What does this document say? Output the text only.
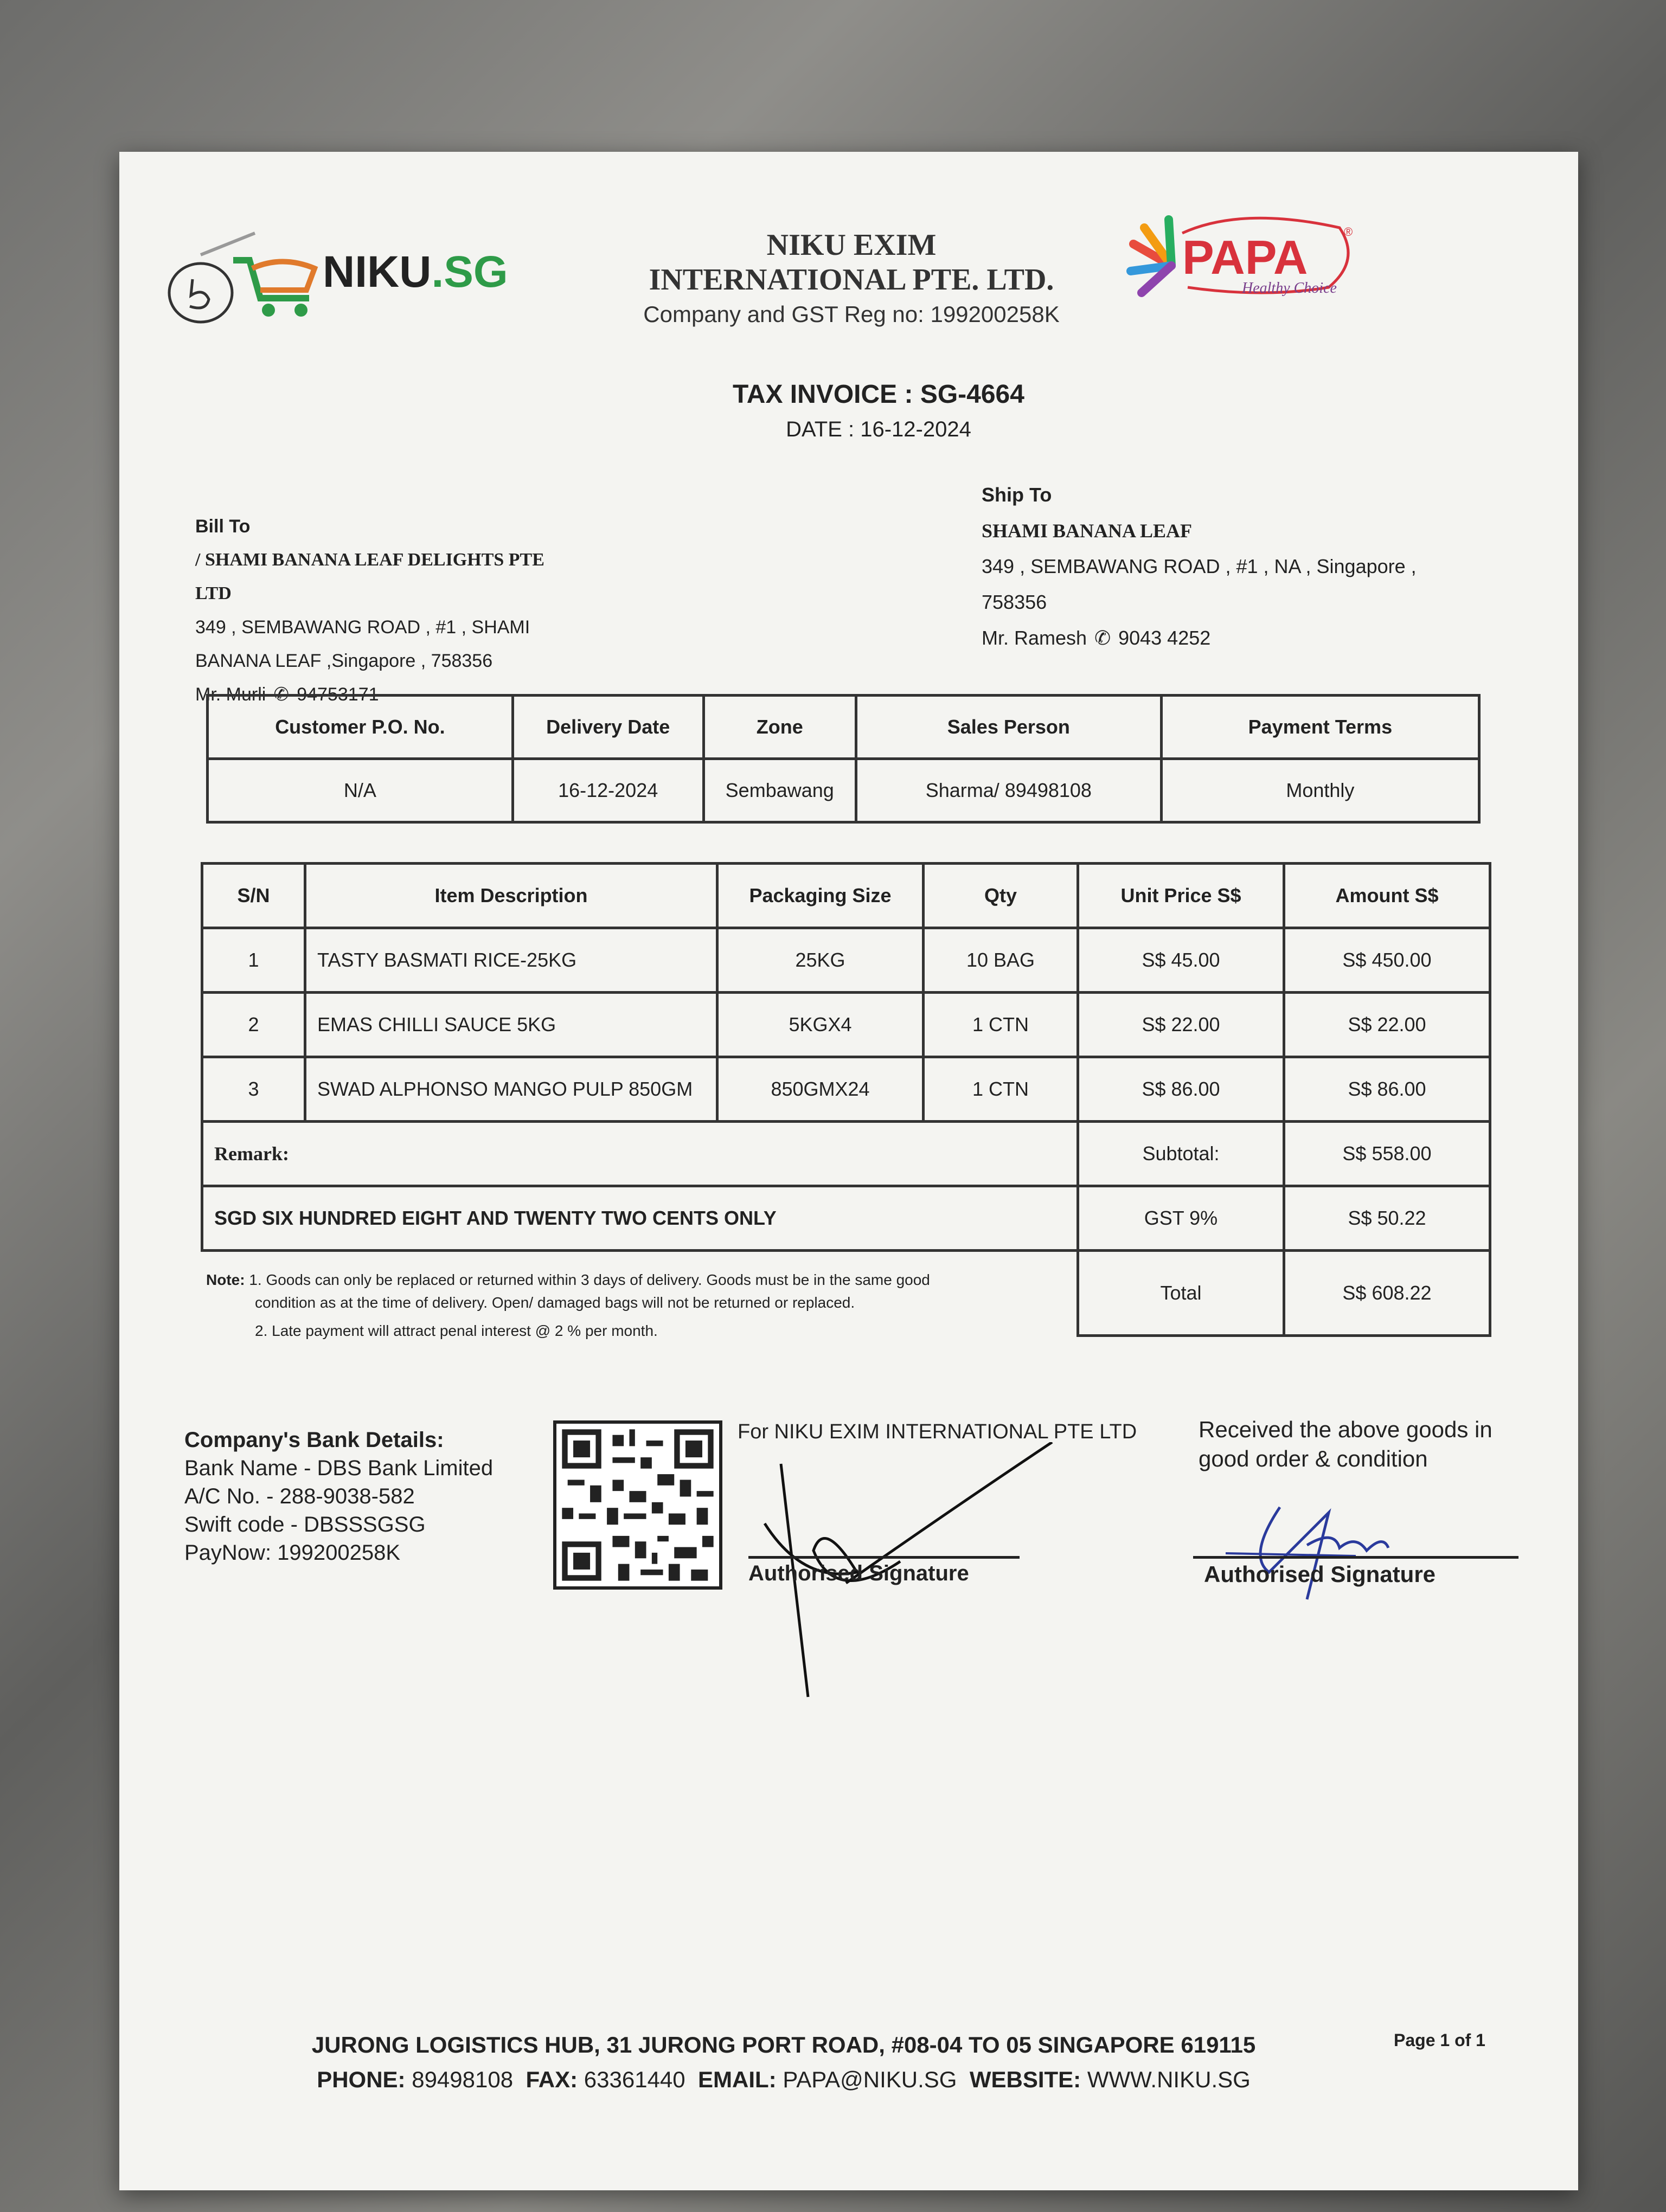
NIKU.SG
NIKU EXIM
INTERNATIONAL PTE. LTD.
Company and GST Reg no: 199200258K
PAPA	®
Healthy Choice
TAX INVOICE : SG-4664
DATE : 16-12-2024
Bill To
/ SHAMI BANANA LEAF DELIGHTS PTE
LTD
349 , SEMBAWANG ROAD , #1 , SHAMI
BANANA LEAF ,Singapore , 758356
Mr. Murli ✆ 94753171
Ship To
SHAMI BANANA LEAF
349 , SEMBAWANG ROAD , #1 , NA , Singapore ,
758356
Mr. Ramesh ✆ 9043 4252
Customer P.O. No.	Delivery Date	Zone	Sales Person	Payment Terms
N/A	16-12-2024	Sembawang	Sharma/ 89498108	Monthly
S/N	Item Description	Packaging Size	Qty	Unit Price S$	Amount S$
1	TASTY BASMATI RICE-25KG	25KG	10 BAG	S$ 45.00	S$ 450.00
2	EMAS CHILLI SAUCE 5KG	5KGX4	1 CTN	S$ 22.00	S$ 22.00
3	SWAD ALPHONSO MANGO PULP 850GM	850GMX24	1 CTN	S$ 86.00	S$ 86.00
Remark:				Subtotal:	S$ 558.00
SGD SIX HUNDRED EIGHT AND TWENTY TWO CENTS ONLY				GST 9%	S$ 50.22
				Total	S$ 608.22
Note: 1. Goods can only be replaced or returned within 3 days of delivery. Goods must be in the same good
condition as at the time of delivery. Open/ damaged bags will not be returned or replaced.
2. Late payment will attract penal interest @ 2 % per month.
Company's Bank Details:
Bank Name - DBS Bank Limited
A/C No. - 288-9038-582
Swift code - DBSSSGSG
PayNow: 199200258K
For NIKU EXIM INTERNATIONAL PTE LTD
Authorised Signature
Received the above goods in
good order & condition
Authorised Signature
JURONG LOGISTICS HUB, 31 JURONG PORT ROAD, #08-04 TO 05 SINGAPORE 619115
PHONE: 89498108 FAX: 63361440 EMAIL: PAPA@NIKU.SG WEBSITE: WWW.NIKU.SG
Page 1 of 1
